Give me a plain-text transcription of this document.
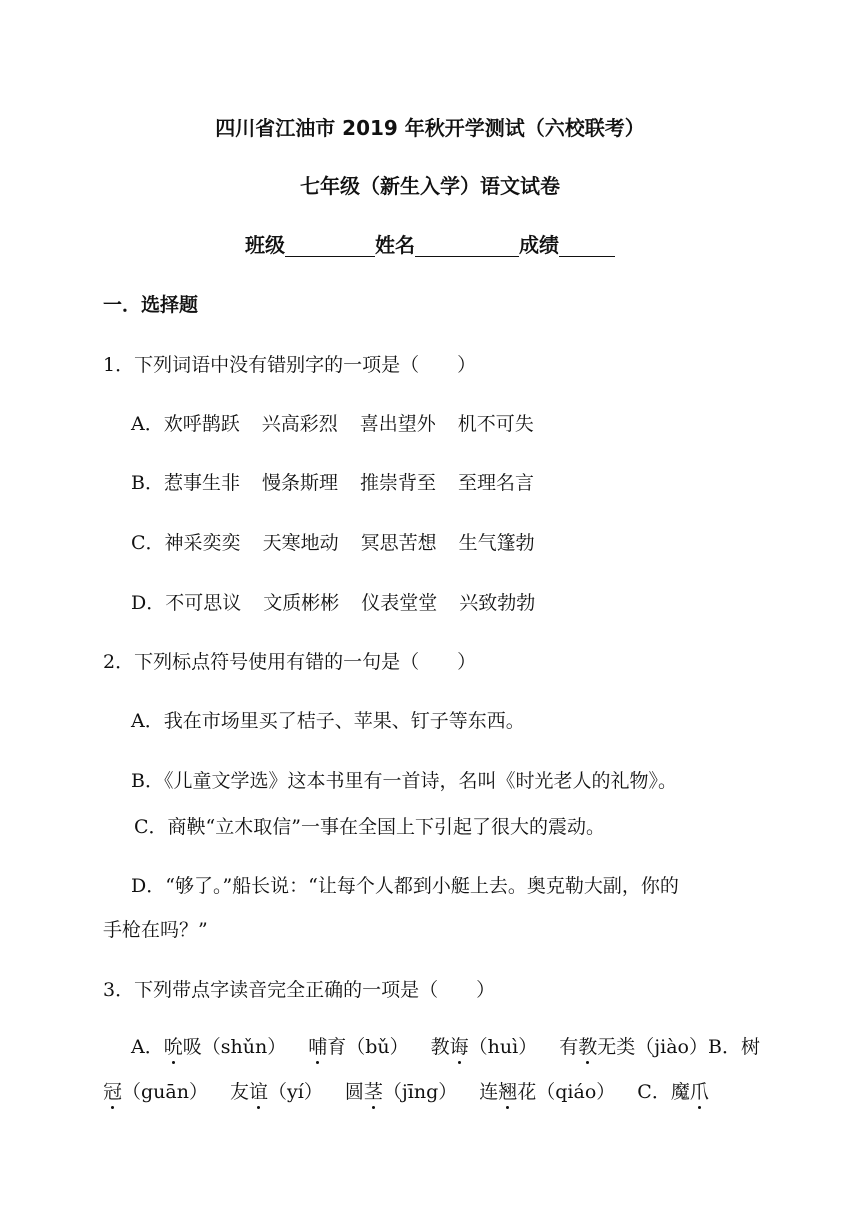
四川省江油市 2019 年秋开学测试（六校联考）
七年级（新生入学）语文试卷
班级	姓名	成绩
一．选择题
1．下列词语中没有错别字的一项是（　　）
A．欢呼鹊跃 兴高彩烈 喜出望外 机不可失
B．惹事生非 慢条斯理 推崇背至 至理名言
C．神采奕奕 天寒地动 冥思苦想 生气篷勃
D．不可思议 文质彬彬 仪表堂堂 兴致勃勃
2．下列标点符号使用有错的一句是（　　）
A．我在市场里买了桔子、苹果、钉子等东西。
B．《儿童文学选》这本书里有一首诗，名叫《时光老人的礼物》。
C．商鞅“立木取信”一事在全国上下引起了很大的震动。
D．“够了。”船长说：“让每个人都到小艇上去。奥克勒大副，你的
手枪在吗？”
3．下列带点字读音完全正确的一项是（　　）
A．吮吸（shǔn） 哺育（bǔ） 教诲（huì） 有教无类（jiào）B．树
冠（guān） 友谊（yí） 圆茎（jīng） 连翘花（qiáo） C．魔爪
